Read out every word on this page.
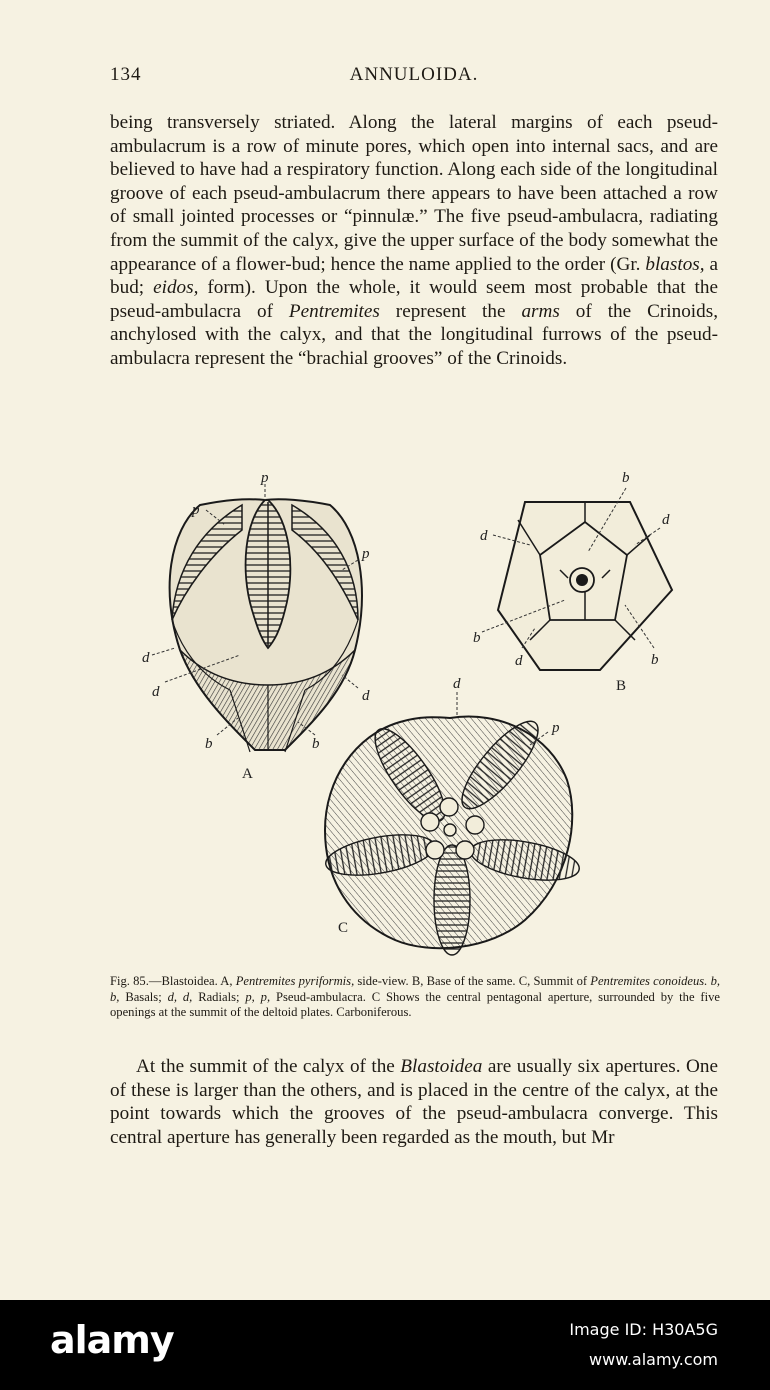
134	ANNULOIDA.

being transversely striated. Along the lateral margins of each pseud-ambulacrum is a row of minute pores, which open into internal sacs, and are believed to have had a respiratory function. Along each side of the longitudinal groove of each pseud-ambulacrum there appears to have been attached a row of small jointed processes or “pinnulæ.” The five pseud-ambulacra, radiating from the summit of the calyx, give the upper surface of the body somewhat the appearance of a flower-bud; hence the name applied to the order (Gr. blastos, a bud; eidos, form). Upon the whole, it would seem most probable that the pseud-ambulacra of Pentremites represent the arms of the Crinoids, anchylosed with the calyx, and that the longitudinal furrows of the pseud-ambulacra represent the “brachial grooves” of the Crinoids.

p
p
p
d
d	d
b	b
A
b
d
d
b
d	b
B
d
p
C

Fig. 85.—Blastoidea. A, Pentremites pyriformis, side-view. B, Base of the same. C, Summit of Pentremites conoideus. b, b, Basals; d, d, Radials; p, p, Pseud-ambulacra. C Shows the central pentagonal aperture, surrounded by the five openings at the summit of the deltoid plates. Carboniferous.

At the summit of the calyx of the Blastoidea are usually six apertures. One of these is larger than the others, and is placed in the centre of the calyx, at the point towards which the grooves of the pseud-ambulacra converge. This central aperture has generally been regarded as the mouth, but Mr

alamy	Image ID: H30A5G
www.alamy.com
